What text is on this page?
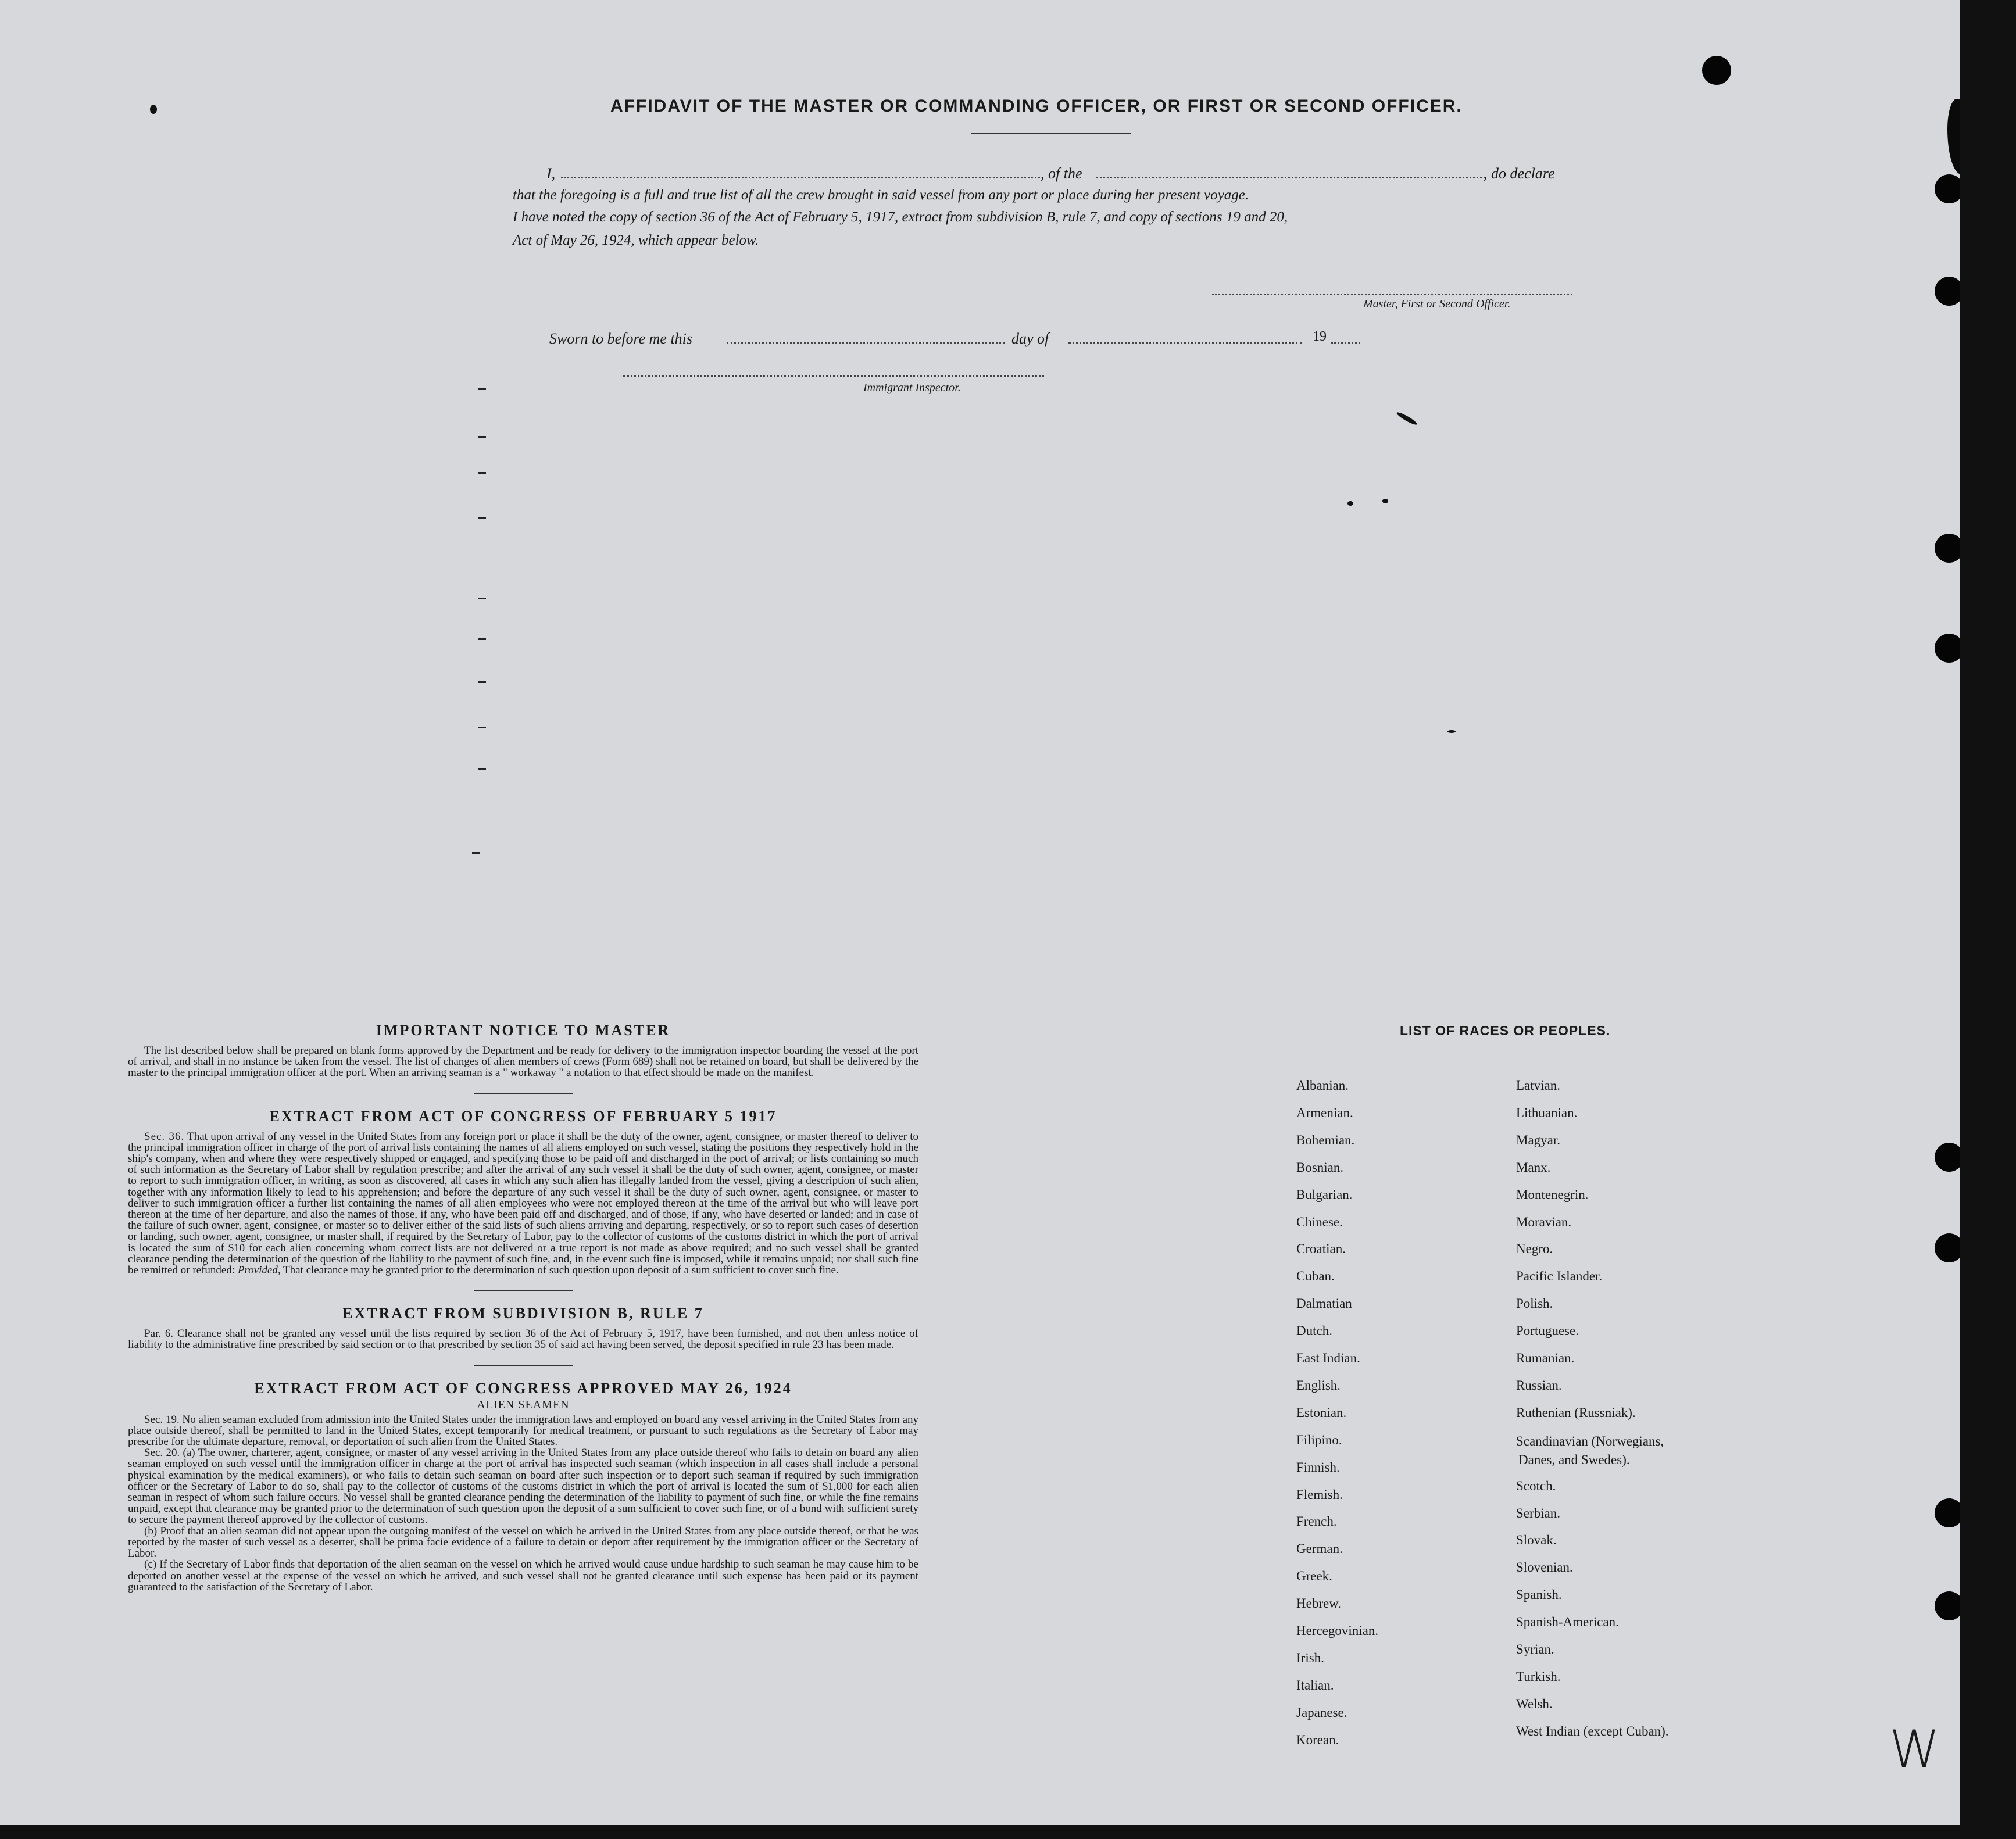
AFFIDAVIT OF THE MASTER OR COMMANDING OFFICER, OR FIRST OR SECOND OFFICER.
I,	, of the	, do declare
that the foregoing is a full and true list of all the crew brought in said vessel from any port or place during her present voyage.
I have noted the copy of section 36 of the Act of February 5, 1917, extract from subdivision B, rule 7, and copy of sections 19 and 20,
Act of May 26, 1924, which appear below.
Master, First or Second Officer.
Sworn to before me this	day of	19
Immigrant Inspector.
IMPORTANT NOTICE TO MASTER

The list described below shall be prepared on blank forms approved by the Department and be ready for delivery to the immigration inspector boarding the vessel at the port of arrival, and shall in no instance be taken from the vessel. The list of changes of alien members of crews (Form 689) shall not be retained on board, but shall be delivered by the master to the principal immigration officer at the port. When an arriving seaman is a " workaway " a notation to that effect should be made on the manifest.

EXTRACT FROM ACT OF CONGRESS OF FEBRUARY 5 1917

Sec. 36. That upon arrival of any vessel in the United States from any foreign port or place it shall be the duty of the owner, agent, consignee, or master thereof to deliver to the principal immigration officer in charge of the port of arrival lists containing the names of all aliens employed on such vessel, stating the positions they respectively hold in the ship's company, when and where they were respectively shipped or engaged, and specifying those to be paid off and discharged in the port of arrival; or lists containing so much of such information as the Secretary of Labor shall by regulation prescribe; and after the arrival of any such vessel it shall be the duty of such owner, agent, consignee, or master to report to such immigration officer, in writing, as soon as discovered, all cases in which any such alien has illegally landed from the vessel, giving a description of such alien, together with any information likely to lead to his apprehension; and before the departure of any such vessel it shall be the duty of such owner, agent, consignee, or master to deliver to such immigration officer a further list containing the names of all alien employees who were not employed thereon at the time of the arrival but who will leave port thereon at the time of her departure, and also the names of those, if any, who have been paid off and discharged, and of those, if any, who have deserted or landed; and in case of the failure of such owner, agent, consignee, or master so to deliver either of the said lists of such aliens arriving and departing, respectively, or so to report such cases of desertion or landing, such owner, agent, consignee, or master shall, if required by the Secretary of Labor, pay to the collector of customs of the customs district in which the port of arrival is located the sum of $10 for each alien concerning whom correct lists are not delivered or a true report is not made as above required; and no such vessel shall be granted clearance pending the determination of the question of the liability to the payment of such fine, and, in the event such fine is imposed, while it remains unpaid; nor shall such fine be remitted or refunded: Provided, That clearance may be granted prior to the determination of such question upon deposit of a sum sufficient to cover such fine.

EXTRACT FROM SUBDIVISION B, RULE 7

Par. 6. Clearance shall not be granted any vessel until the lists required by section 36 of the Act of February 5, 1917, have been furnished, and not then unless notice of liability to the administrative fine prescribed by said section or to that prescribed by section 35 of said act having been served, the deposit specified in rule 23 has been made.

EXTRACT FROM ACT OF CONGRESS APPROVED MAY 26, 1924
ALIEN SEAMEN

Sec. 19. No alien seaman excluded from admission into the United States under the immigration laws and employed on board any vessel arriving in the United States from any place outside thereof, shall be permitted to land in the United States, except temporarily for medical treatment, or pursuant to such regulations as the Secretary of Labor may prescribe for the ultimate departure, removal, or deportation of such alien from the United States.

Sec. 20. (a) The owner, charterer, agent, consignee, or master of any vessel arriving in the United States from any place outside thereof who fails to detain on board any alien seaman employed on such vessel until the immigration officer in charge at the port of arrival has inspected such seaman (which inspection in all cases shall include a personal physical examination by the medical examiners), or who fails to detain such seaman on board after such inspection or to deport such seaman if required by such immigration officer or the Secretary of Labor to do so, shall pay to the collector of customs of the customs district in which the port of arrival is located the sum of $1,000 for each alien seaman in respect of whom such failure occurs. No vessel shall be granted clearance pending the determination of the liability to payment of such fine, or while the fine remains unpaid, except that clearance may be granted prior to the determination of such question upon the deposit of a sum sufficient to cover such fine, or of a bond with sufficient surety to secure the payment thereof approved by the collector of customs.

(b) Proof that an alien seaman did not appear upon the outgoing manifest of the vessel on which he arrived in the United States from any place outside thereof, or that he was reported by the master of such vessel as a deserter, shall be prima facie evidence of a failure to detain or deport after requirement by the immigration officer or the Secretary of Labor.

(c) If the Secretary of Labor finds that deportation of the alien seaman on the vessel on which he arrived would cause undue hardship to such seaman he may cause him to be deported on another vessel at the expense of the vessel on which he arrived, and such vessel shall not be granted clearance until such expense has been paid or its payment guaranteed to the satisfaction of the Secretary of Labor.

LIST OF RACES OR PEOPLES.
W
Albanian.
Armenian.
Bohemian.
Bosnian.
Bulgarian.
Chinese.
Croatian.
Cuban.
Dalmatian
Dutch.
East Indian.
English.
Estonian.
Filipino.
Finnish.
Flemish.
French.
German.
Greek.
Hebrew.
Hercegovinian.
Irish.
Italian.
Japanese.
Korean.
Latvian.
Lithuanian.
Magyar.
Manx.
Montenegrin.
Moravian.
Negro.
Pacific Islander.
Polish.
Portuguese.
Rumanian.
Russian.
Ruthenian (Russniak).
Scandinavian (Norwegians,
Danes, and Swedes).
Scotch.
Serbian.
Slovak.
Slovenian.
Spanish.
Spanish-American.
Syrian.
Turkish.
Welsh.
West Indian (except Cuban).
